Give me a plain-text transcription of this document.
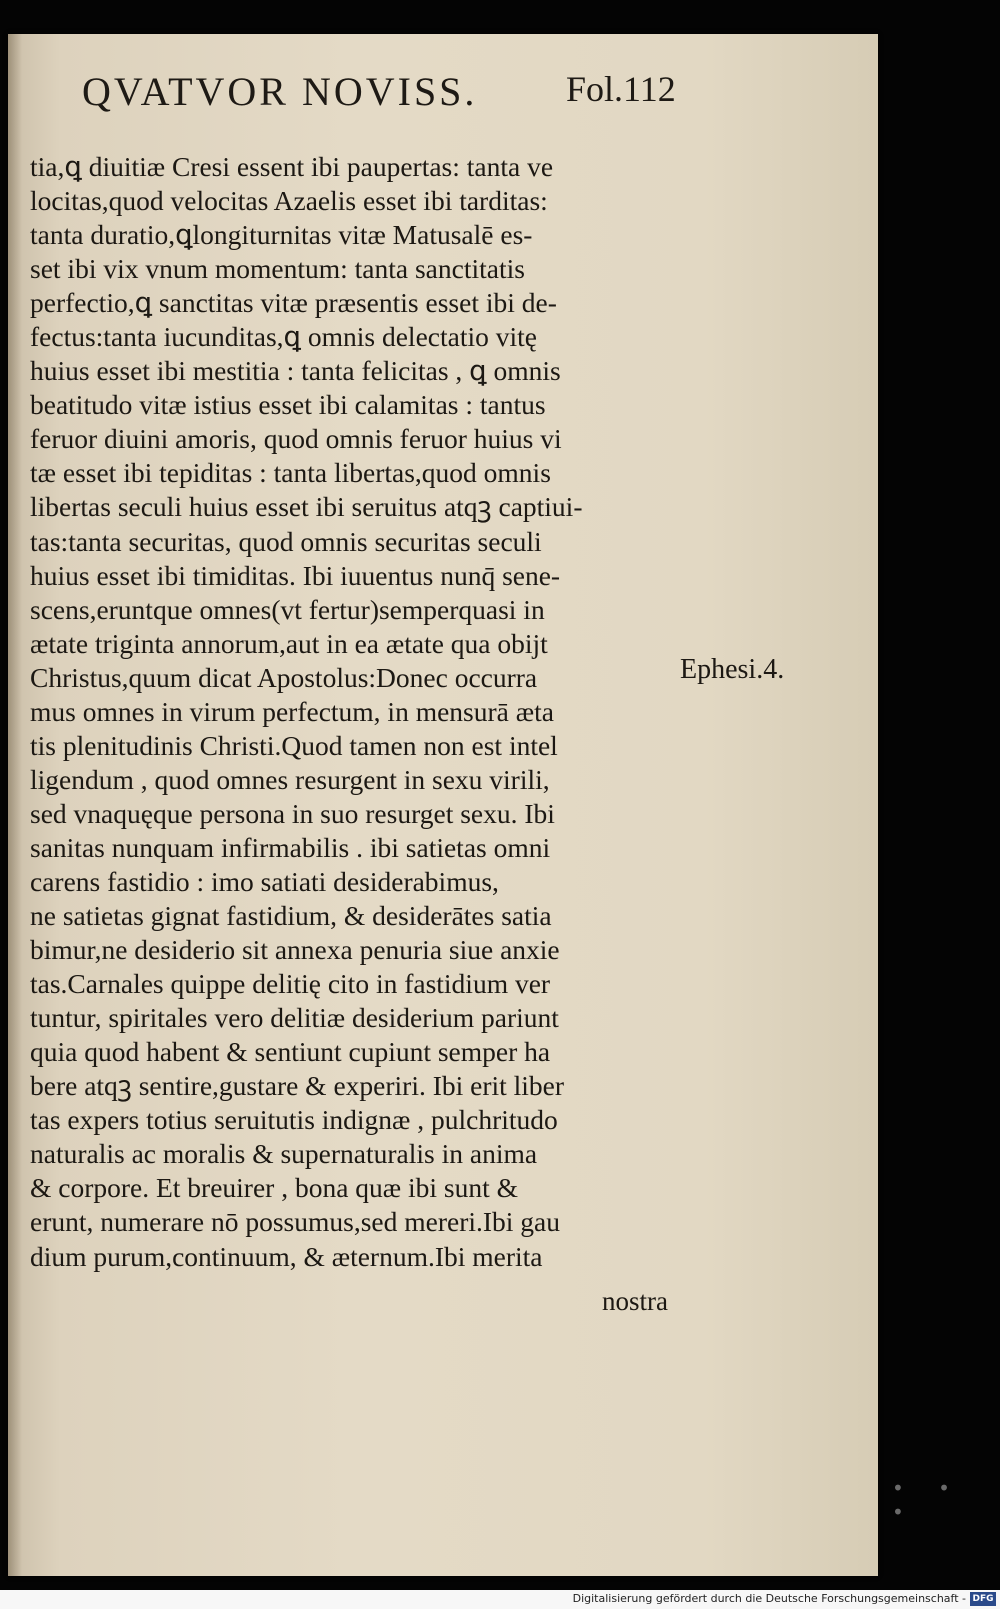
QVATVOR NOVISS. Fol.112
tia,ꝗ diuitiæ Cresi essent ibi paupertas: tanta ve
locitas,quod velocitas Azaelis esset ibi tarditas:
tanta duratio,ꝗlongiturnitas vitæ Matusalē es-
set ibi vix vnum momentum: tanta sanctitatis
perfectio,ꝗ sanctitas vitæ præsentis esset ibi de-
fectus:tanta iucunditas,ꝗ omnis delectatio vitę
huius esset ibi mestitia : tanta felicitas , ꝗ omnis
beatitudo vitæ istius esset ibi calamitas : tantus
feruor diuini amoris, quod omnis feruor huius vi
tæ esset ibi tepiditas : tanta libertas,quod omnis
libertas seculi huius esset ibi seruitus atqꝫ captiui-
tas:tanta securitas, quod omnis securitas seculi
huius esset ibi timiditas. Ibi iuuentus nunq̄ sene-
scens,eruntque omnes(vt fertur)semperquasi in
ætate triginta annorum,aut in ea ætate qua obijt
Christus,quum dicat Apostolus:Donec occurra
mus omnes in virum perfectum, in mensurā æta
tis plenitudinis Christi.Quod tamen non est intel
ligendum , quod omnes resurgent in sexu virili,
sed vnaquęque persona in suo resurget sexu. Ibi
sanitas nunquam infirmabilis . ibi satietas omni
carens fastidio : imo satiati desiderabimus,
ne satietas gignat fastidium, & desiderātes satia
bimur,ne desiderio sit annexa penuria siue anxie
tas.Carnales quippe delitię cito in fastidium ver
tuntur, spiritales vero delitiæ desiderium pariunt
quia quod habent & sentiunt cupiunt semper ha
bere atqꝫ sentire,gustare & experiri. Ibi erit liber
tas expers totius seruitutis indignæ , pulchritudo
naturalis ac moralis & supernaturalis in anima
& corpore. Et breuirer , bona quæ ibi sunt &
erunt, numerare nō possumus,sed mereri.Ibi gau
dium purum,continuum, & æternum.Ibi merita
Ephesi.4.
nostra
• • •
Digitalisierung gefördert durch die Deutsche Forschungsgemeinschaft - DFG
